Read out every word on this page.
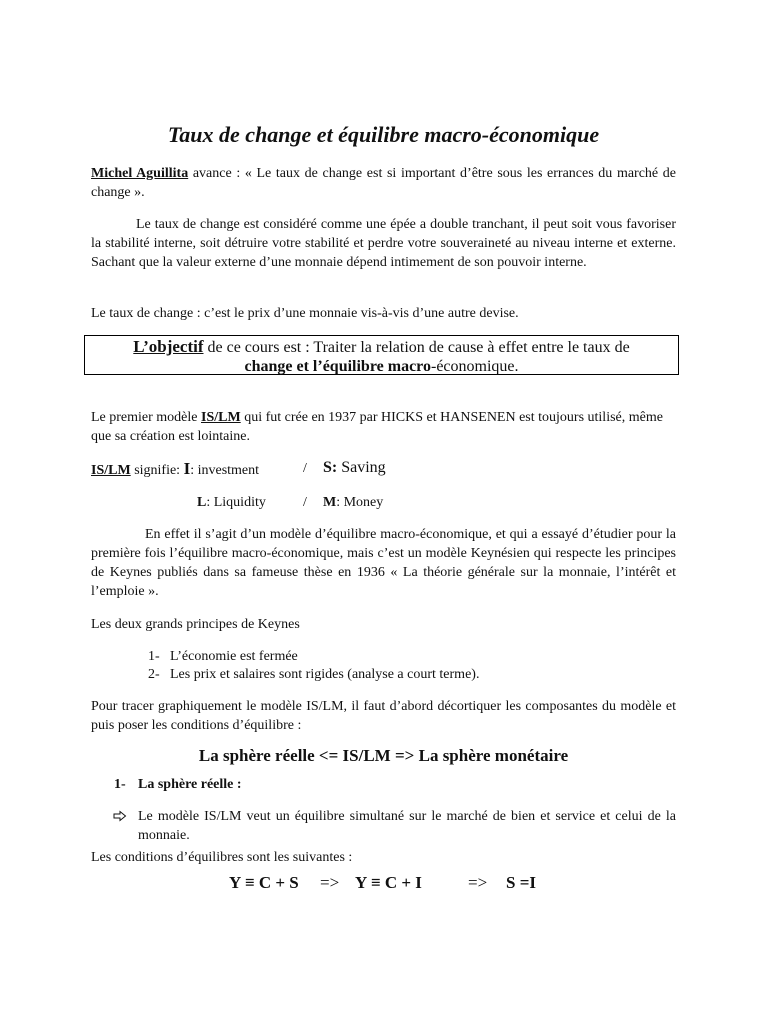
Taux de change et équilibre macro-économique
Michel Aguillita avance : « Le taux de change est si important d’être sous les errances du marché de change ».
Le taux de change est considéré comme une épée a double tranchant, il peut soit vous favoriser la stabilité interne, soit détruire votre stabilité et perdre votre souveraineté au niveau interne et externe. Sachant que la valeur externe d’une monnaie dépend intimement de son pouvoir interne.
Le taux de change : c’est le prix d’une monnaie vis-à-vis d’une autre devise.
L’objectif de ce cours est : Traiter la relation de cause à effet entre le taux de
change et l’équilibre macro-économique.
Le premier modèle IS/LM qui fut crée en 1937 par HICKS et HANSENEN est toujours utilisé, même que sa création est lointaine.
IS/LM signifie: I: investment	/ S: Saving
L: Liquidity	/ M: Money
En effet il s’agit d’un modèle d’équilibre macro-économique, et qui a essayé d’étudier pour la première fois l’équilibre macro-économique, mais c’est un modèle Keynésien qui respecte les principes de Keynes publiés dans sa fameuse thèse en 1936 « La théorie générale sur la monnaie, l’intérêt et l’emploie ».
Les deux grands principes de Keynes
1- L’économie est fermée
2- Les prix et salaires sont rigides (analyse a court terme).
Pour tracer graphiquement le modèle IS/LM, il faut d’abord décortiquer les composantes du modèle et puis poser les conditions d’équilibre :
La sphère réelle <= IS/LM => La sphère monétaire
1- La sphère réelle :
Le modèle IS/LM veut un équilibre simultané sur le marché de bien et service et celui de la monnaie.
Les conditions d’équilibres sont les suivantes :
Y ≡ C + S => Y ≡ C + I	=> S =I
